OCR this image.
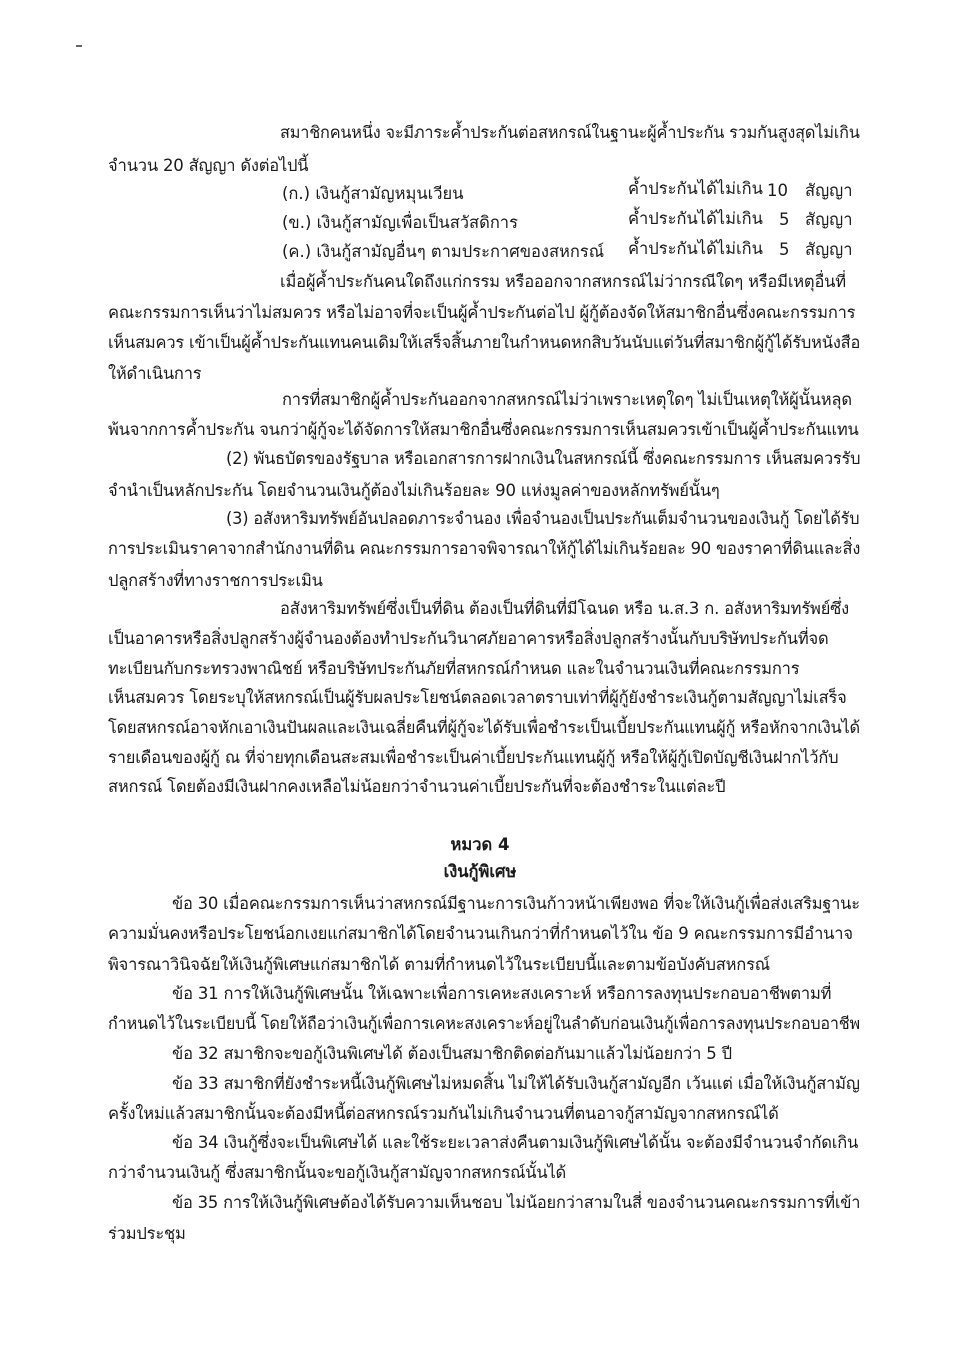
สมาชิกคนหนึ่ง จะมีภาระค้ำประกันต่อสหกรณ์ในฐานะผู้ค้ำประกัน รวมกันสูงสุดไม่เกิน
จำนวน 20 สัญญา ดังต่อไปนี้
(ก.) เงินกู้สามัญหมุนเวียน	ค้ำประกันได้ไม่เกิน 10 สัญญา
(ข.) เงินกู้สามัญเพื่อเป็นสวัสดิการ	ค้ำประกันได้ไม่เกิน 5 สัญญา
(ค.) เงินกู้สามัญอื่นๆ ตามประกาศของสหกรณ์ ค้ำประกันได้ไม่เกิน 5 สัญญา
เมื่อผู้ค้ำประกันคนใดถึงแก่กรรม หรือออกจากสหกรณ์ไม่ว่ากรณีใดๆ หรือมีเหตุอื่นที่
คณะกรรมการเห็นว่าไม่สมควร หรือไม่อาจที่จะเป็นผู้ค้ำประกันต่อไป ผู้กู้ต้องจัดให้สมาชิกอื่นซึ่งคณะกรรมการ
เห็นสมควร เข้าเป็นผู้ค้ำประกันแทนคนเดิมให้เสร็จสิ้นภายในกำหนดหกสิบวันนับแต่วันที่สมาชิกผู้กู้ได้รับหนังสือ
ให้ดำเนินการ
การที่สมาชิกผู้ค้ำประกันออกจากสหกรณ์ไม่ว่าเพราะเหตุใดๆ ไม่เป็นเหตุให้ผู้นั้นหลุด
พ้นจากการค้ำประกัน จนกว่าผู้กู้จะได้จัดการให้สมาชิกอื่นซึ่งคณะกรรมการเห็นสมควรเข้าเป็นผู้ค้ำประกันแทน
(2) พันธบัตรของรัฐบาล หรือเอกสารการฝากเงินในสหกรณ์นี้ ซึ่งคณะกรรมการ เห็นสมควรรับ
จำนำเป็นหลักประกัน โดยจำนวนเงินกู้ต้องไม่เกินร้อยละ 90 แห่งมูลค่าของหลักทรัพย์นั้นๆ
(3) อสังหาริมทรัพย์อันปลอดภาระจำนอง เพื่อจำนองเป็นประกันเต็มจำนวนของเงินกู้ โดยได้รับ
การประเมินราคาจากสำนักงานที่ดิน คณะกรรมการอาจพิจารณาให้กู้ได้ไม่เกินร้อยละ 90 ของราคาที่ดินและสิ่ง
ปลูกสร้างที่ทางราชการประเมิน
อสังหาริมทรัพย์ซึ่งเป็นที่ดิน ต้องเป็นที่ดินที่มีโฉนด หรือ น.ส.3 ก. อสังหาริมทรัพย์ซึ่ง
เป็นอาคารหรือสิ่งปลูกสร้างผู้จำนองต้องทำประกันวินาศภัยอาคารหรือสิ่งปลูกสร้างนั้นกับบริษัทประกันที่จด
ทะเบียนกับกระทรวงพาณิชย์ หรือบริษัทประกันภัยที่สหกรณ์กำหนด และในจำนวนเงินที่คณะกรรมการ
เห็นสมควร โดยระบุให้สหกรณ์เป็นผู้รับผลประโยชน์ตลอดเวลาตราบเท่าที่ผู้กู้ยังชำระเงินกู้ตามสัญญาไม่เสร็จ
โดยสหกรณ์อาจหักเอาเงินปันผลและเงินเฉลี่ยคืนที่ผู้กู้จะได้รับเพื่อชำระเป็นเบี้ยประกันแทนผู้กู้ หรือหักจากเงินได้
รายเดือนของผู้กู้ ณ ที่จ่ายทุกเดือนสะสมเพื่อชำระเป็นค่าเบี้ยประกันแทนผู้กู้ หรือให้ผู้กู้เปิดบัญชีเงินฝากไว้กับ
สหกรณ์ โดยต้องมีเงินฝากคงเหลือไม่น้อยกว่าจำนวนค่าเบี้ยประกันที่จะต้องชำระในแต่ละปี
หมวด 4
เงินกู้พิเศษ
ข้อ 30 เมื่อคณะกรรมการเห็นว่าสหกรณ์มีฐานะการเงินก้าวหน้าเพียงพอ ที่จะให้เงินกู้เพื่อส่งเสริมฐานะ
ความมั่นคงหรือประโยชน์อกเงยแก่สมาชิกได้โดยจำนวนเกินกว่าที่กำหนดไว้ใน ข้อ 9 คณะกรรมการมีอำนาจ
พิจารณาวินิจฉัยให้เงินกู้พิเศษแก่สมาชิกได้ ตามที่กำหนดไว้ในระเบียบนี้และตามข้อบังคับสหกรณ์
ข้อ 31 การให้เงินกู้พิเศษนั้น ให้เฉพาะเพื่อการเคหะสงเคราะห์ หรือการลงทุนประกอบอาชีพตามที่
กำหนดไว้ในระเบียบนี้ โดยให้ถือว่าเงินกู้เพื่อการเคหะสงเคราะห์อยู่ในลำดับก่อนเงินกู้เพื่อการลงทุนประกอบอาชีพ
ข้อ 32 สมาชิกจะขอกู้เงินพิเศษได้ ต้องเป็นสมาชิกติดต่อกันมาแล้วไม่น้อยกว่า 5 ปี
ข้อ 33 สมาชิกที่ยังชำระหนี้เงินกู้พิเศษไม่หมดสิ้น ไม่ให้ได้รับเงินกู้สามัญอีก เว้นแต่ เมื่อให้เงินกู้สามัญ
ครั้งใหม่แล้วสมาชิกนั้นจะต้องมีหนี้ต่อสหกรณ์รวมกันไม่เกินจำนวนที่ตนอาจกู้สามัญจากสหกรณ์ได้
ข้อ 34 เงินกู้ซึ่งจะเป็นพิเศษได้ และใช้ระยะเวลาส่งคืนตามเงินกู้พิเศษได้นั้น จะต้องมีจำนวนจำกัดเกิน
กว่าจำนวนเงินกู้ ซึ่งสมาชิกนั้นจะขอกู้เงินกู้สามัญจากสหกรณ์นั้นได้
ข้อ 35 การให้เงินกู้พิเศษต้องได้รับความเห็นชอบ ไม่น้อยกว่าสามในสี่ ของจำนวนคณะกรรมการที่เข้า
ร่วมประชุม
